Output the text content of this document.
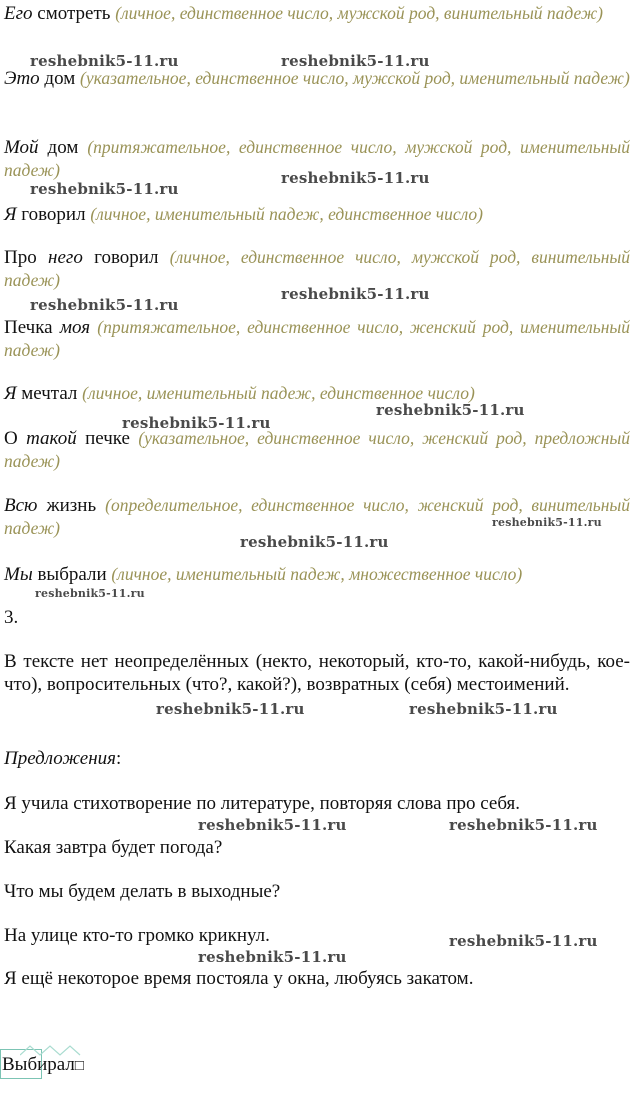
Его смотреть (личное, единственное число, мужской род, винительный падеж)
Это дом (указательное, единственное число, мужской род, именительный падеж)
Мой дом (притяжательное, единственное число, мужской род, именительный падеж)
Я говорил (личное, именительный падеж, единственное число)
Про него говорил (личное, единственное число, мужской род, винительный падеж)
Печка моя (притяжательное, единственное число, женский род, именительный падеж)
Я мечтал (личное, именительный падеж, единственное число)
О такой печке (указательное, единственное число, женский род, предложный падеж)
Всю жизнь (определительное, единственное число, женский род, винительный падеж)
Мы выбрали (личное, именительный падеж, множественное число)
3.
В тексте нет неопределённых (некто, некоторый, кто-то, какой-нибудь, кое-что), вопросительных (что?, какой?), возвратных (себя) местоимений.
Предложения:
Я учила стихотворение по литературе, повторяя слова про себя.
Какая завтра будет погода?
Что мы будем делать в выходные?
На улице кто-то громко крикнул.
Я ещё некоторое время постояла у окна, любуясь закатом.
reshebnik5-11.ru	reshebnik5-11.ru
reshebnik5-11.ru
reshebnik5-11.ru
reshebnik5-11.ru
reshebnik5-11.ru
reshebnik5-11.ru
reshebnik5-11.ru
reshebnik5-11.ru
reshebnik5-11.ru
reshebnik5-11.ru
reshebnik5-11.ru	reshebnik5-11.ru
reshebnik5-11.ru	reshebnik5-11.ru
reshebnik5-11.ru
reshebnik5-11.ru
Выбирал□
